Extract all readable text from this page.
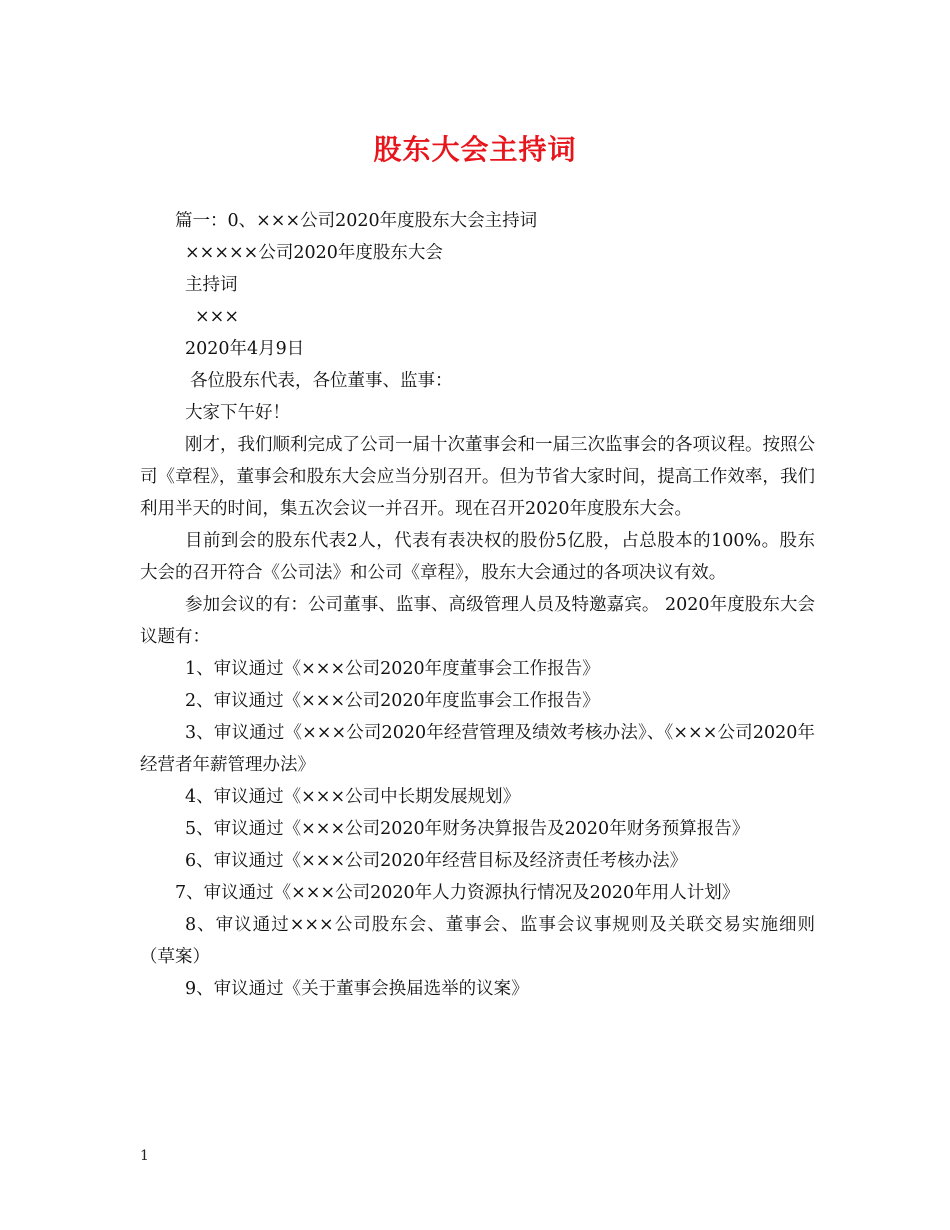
股东大会主持词

篇一：0、×××公司2020年度股东大会主持词

×××××公司2020年度股东大会

主持词

×××

2020年4月9日

各位股东代表，各位董事、监事：

大家下午好！

刚才，我们顺利完成了公司一届十次董事会和一届三次监事会的各项议程。按照公司《章程》，董事会和股东大会应当分别召开。但为节省大家时间，提高工作效率，我们利用半天的时间，集五次会议一并召开。现在召开2020年度股东大会。

目前到会的股东代表2人，代表有表决权的股份5亿股，占总股本的100%。股东大会的召开符合《公司法》和公司《章程》，股东大会通过的各项决议有效。

参加会议的有：公司董事、监事、高级管理人员及特邀嘉宾。 2020年度股东大会议题有：

1、审议通过《×××公司2020年度董事会工作报告》

2、审议通过《×××公司2020年度监事会工作报告》

3、审议通过《×××公司2020年经营管理及绩效考核办法》、《×××公司2020年经营者年薪管理办法》

4、审议通过《×××公司中长期发展规划》

5、审议通过《×××公司2020年财务决算报告及2020年财务预算报告》

6、审议通过《×××公司2020年经营目标及经济责任考核办法》

7、审议通过《×××公司2020年人力资源执行情况及2020年用人计划》

8、审议通过×××公司股东会、董事会、监事会议事规则及关联交易实施细则（草案）

9、审议通过《关于董事会换届选举的议案》

1
